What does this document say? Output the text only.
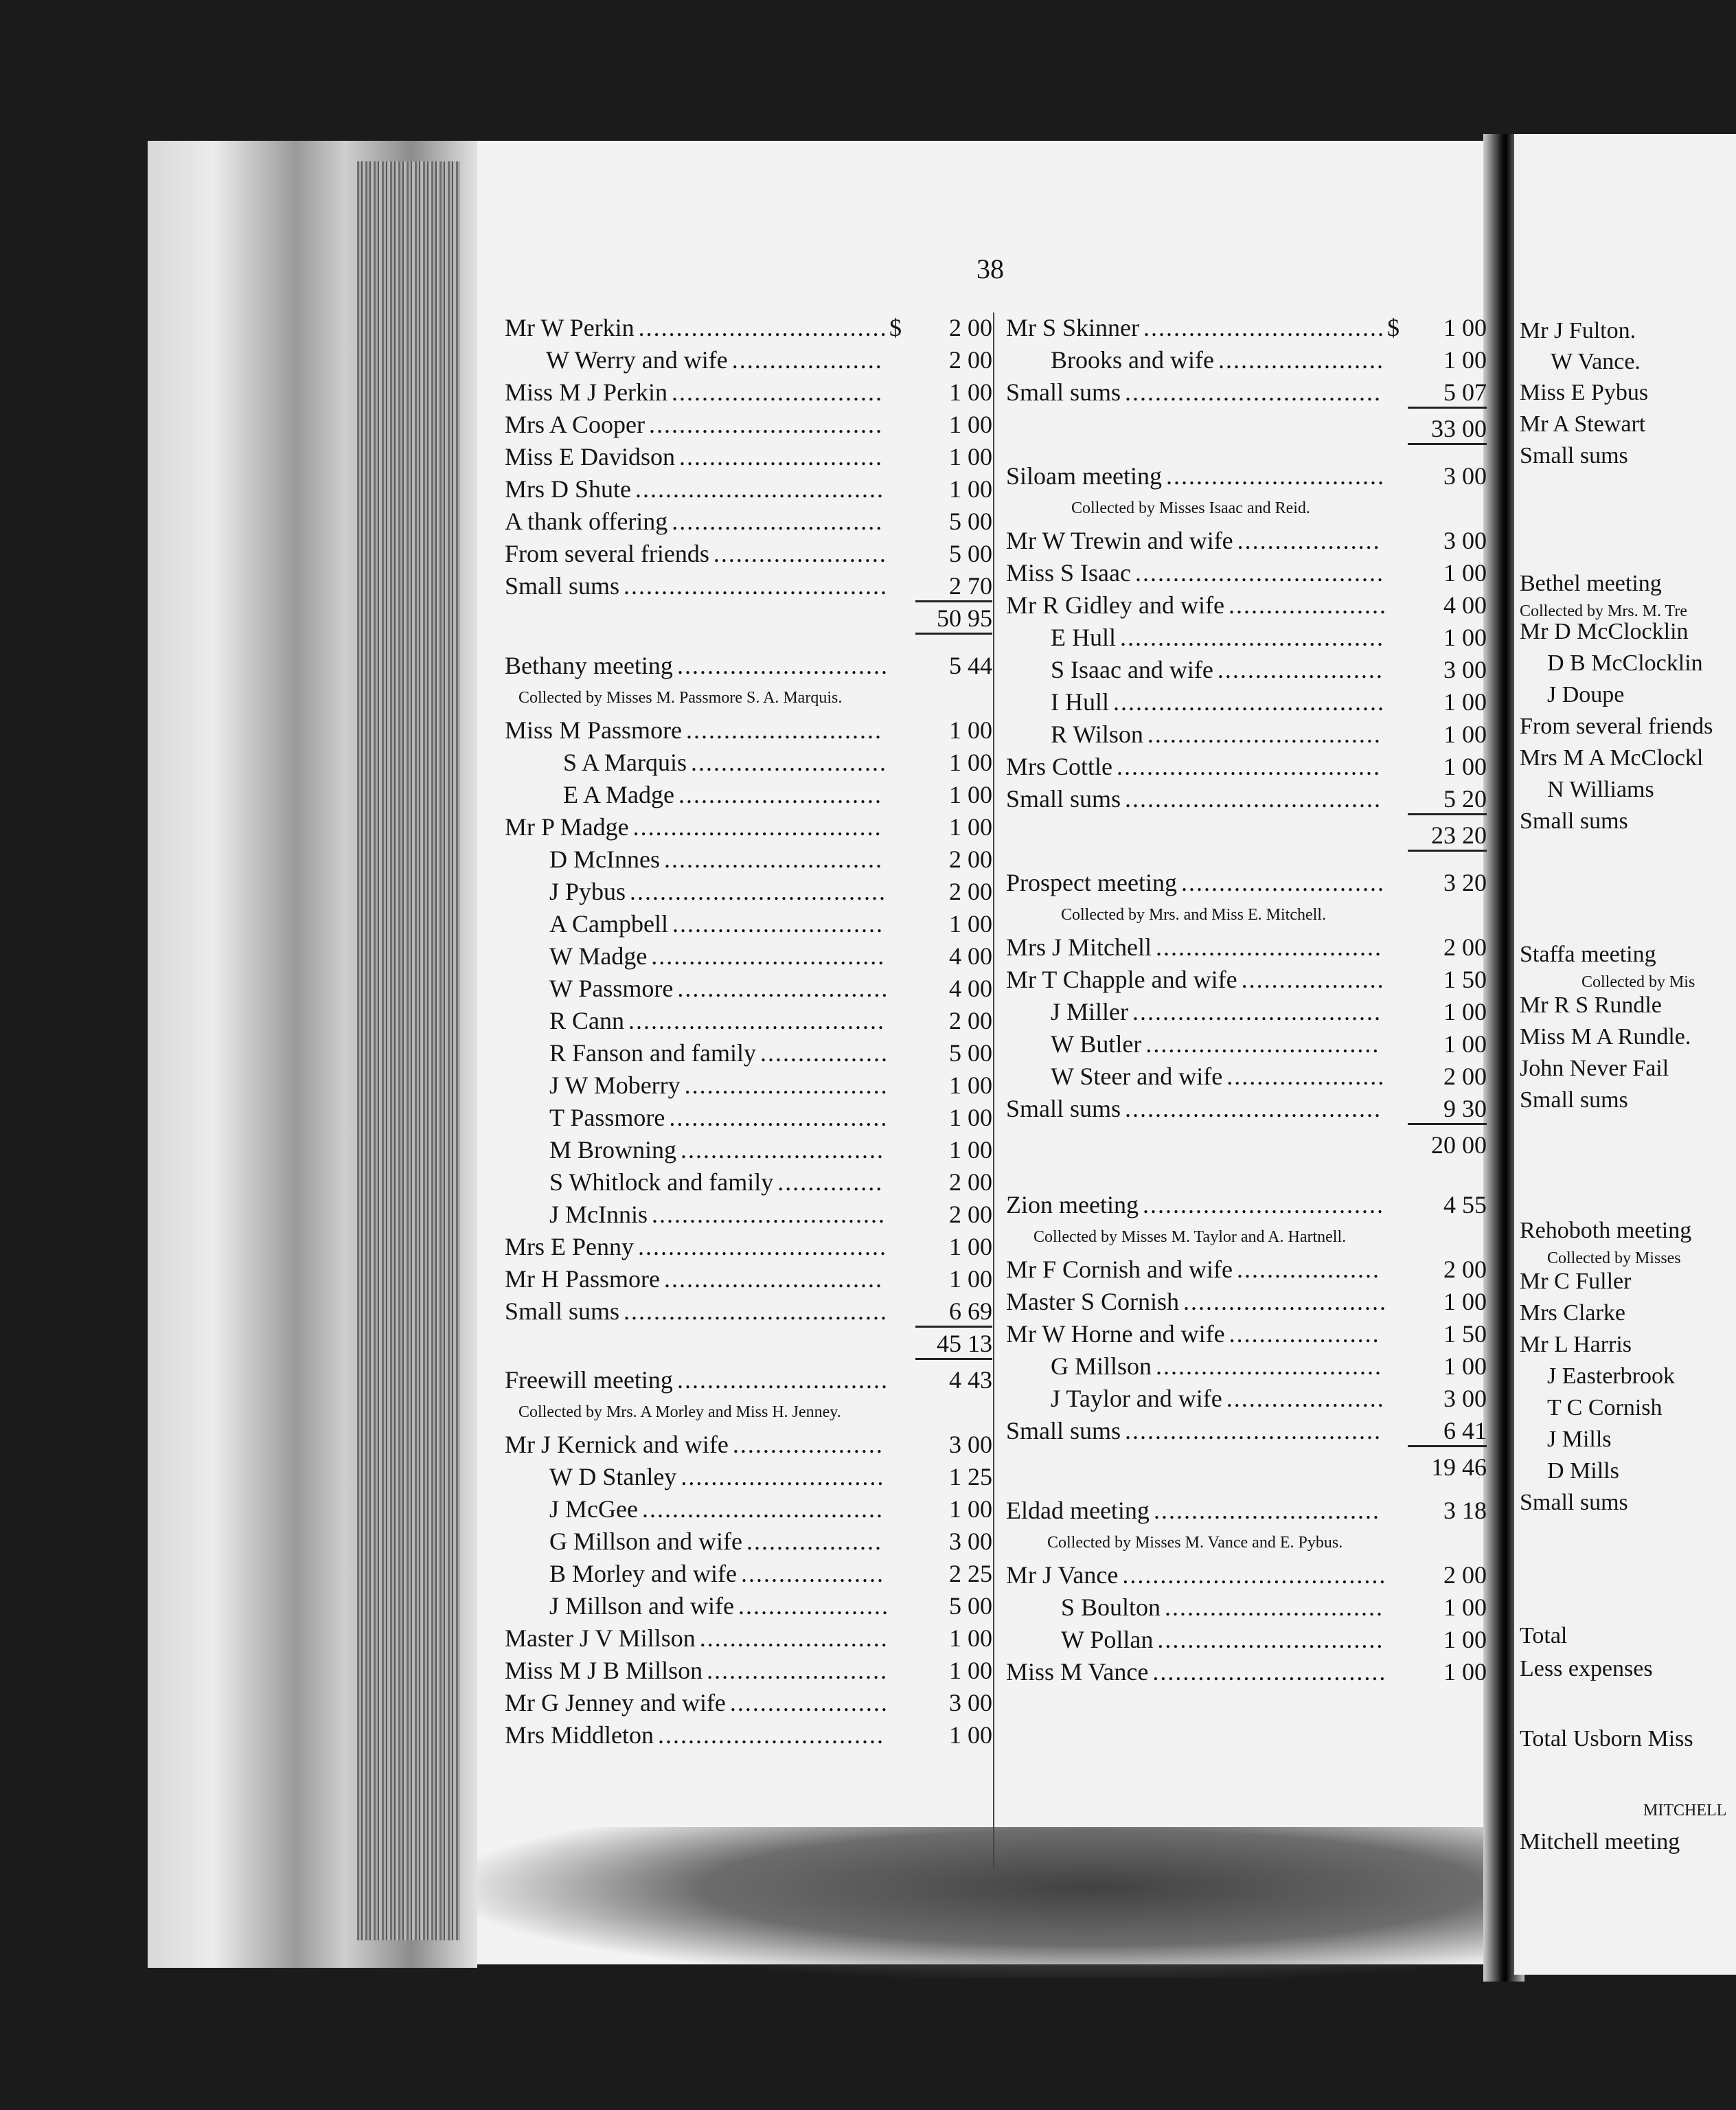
Mr J Fulton.
W Vance.
Miss E Pybus
Mr A Stewart
Small sums
Bethel meeting
Collected by Mrs. M. Tre
Mr D McClocklin
D B McClocklin
J Doupe
From several friends
Mrs M A McClockl
N Williams
Small sums
Staffa meeting
Collected by Mis
Mr R S Rundle
Miss M A Rundle.
John Never Fail
Small sums
Rehoboth meeting
Collected by Misses
Mr C Fuller
Mrs Clarke
Mr L Harris
J Easterbrook
T C Cornish
J Mills
D Mills
Small sums
Total
Less expenses
Total Usborn Miss
MITCHELL
Mitchell meeting
38
Mr W Perkin ................................. $ 2 00
W Werry and wife ....................	2 00
Miss M J Perkin ............................	1 00
Mrs A Cooper ...............................	1 00
Miss E Davidson ...........................	1 00
Mrs D Shute .................................	1 00
A thank offering ............................	5 00
From several friends .......................	5 00
Small sums ................................... 2 70
50 95
Bethany meeting ............................ 5 44
Collected by Misses M. Passmore S. A. Marquis.
Miss M Passmore ..........................	1 00
S A Marquis .......................... 1 00
E A Madge ...........................	1 00
Mr P Madge .................................	1 00
D McInnes .............................	2 00
J Pybus ..................................	2 00
A Campbell ............................	1 00
W Madge ...............................	4 00
W Passmore ............................ 4 00
R Cann ..................................	2 00
R Fanson and family ................. 5 00
J W Moberry ........................... 1 00
T Passmore ............................. 1 00
M Browning ...........................	1 00
S Whitlock and family ..............	2 00
J McInnis ...............................	2 00
Mrs E Penny .................................	1 00
Mr H Passmore .............................	1 00
Small sums ................................... 6 69
45 13
Freewill meeting ............................ 4 43
Collected by Mrs. A Morley and Miss H. Jenney.
Mr J Kernick and wife ....................	3 00
W D Stanley ...........................	1 25
J McGee ................................	1 00
G Millson and wife ..................	3 00
B Morley and wife ...................	2 25
J Millson and wife .................... 5 00
Master J V Millson ......................... 1 00
Miss M J B Millson ........................ 1 00
Mr G Jenney and wife ..................... 3 00
Mrs Middleton ..............................	1 00
Mr S Skinner ................................ $ 1 00
Brooks and wife ...................... 1 00
Small sums .................................. 5 07
33 00
Siloam meeting ............................. 3 00
Collected by Misses Isaac and Reid.
Mr W Trewin and wife ...................	3 00
Miss S Isaac ................................. 1 00
Mr R Gidley and wife ..................... 4 00
E Hull ................................... 1 00
S Isaac and wife ...................... 3 00
I Hull .................................... 1 00
R Wilson ...............................	1 00
Mrs Cottle ...................................	1 00
Small sums .................................. 5 20
23 20
Prospect meeting ........................... 3 20
Collected by Mrs. and Miss E. Mitchell.
Mrs J Mitchell .............................. 2 00
Mr T Chapple and wife ................... 1 50
J Miller .................................	1 00
W Butler ...............................	1 00
W Steer and wife ..................... 2 00
Small sums .................................. 9 30
20 00
Zion meeting ................................ 4 55
Collected by Misses M. Taylor and A. Hartnell.
Mr F Cornish and wife ...................	2 00
Master S Cornish ........................... 1 00
Mr W Horne and wife ....................	1 50
G Millson .............................. 1 00
J Taylor and wife ..................... 3 00
Small sums .................................. 6 41
19 46
Eldad meeting ..............................	3 18
Collected by Misses M. Vance and E. Pybus.
Mr J Vance ................................... 2 00
S Boulton ............................. 1 00
W Pollan .............................. 1 00
Miss M Vance ............................... 1 00
